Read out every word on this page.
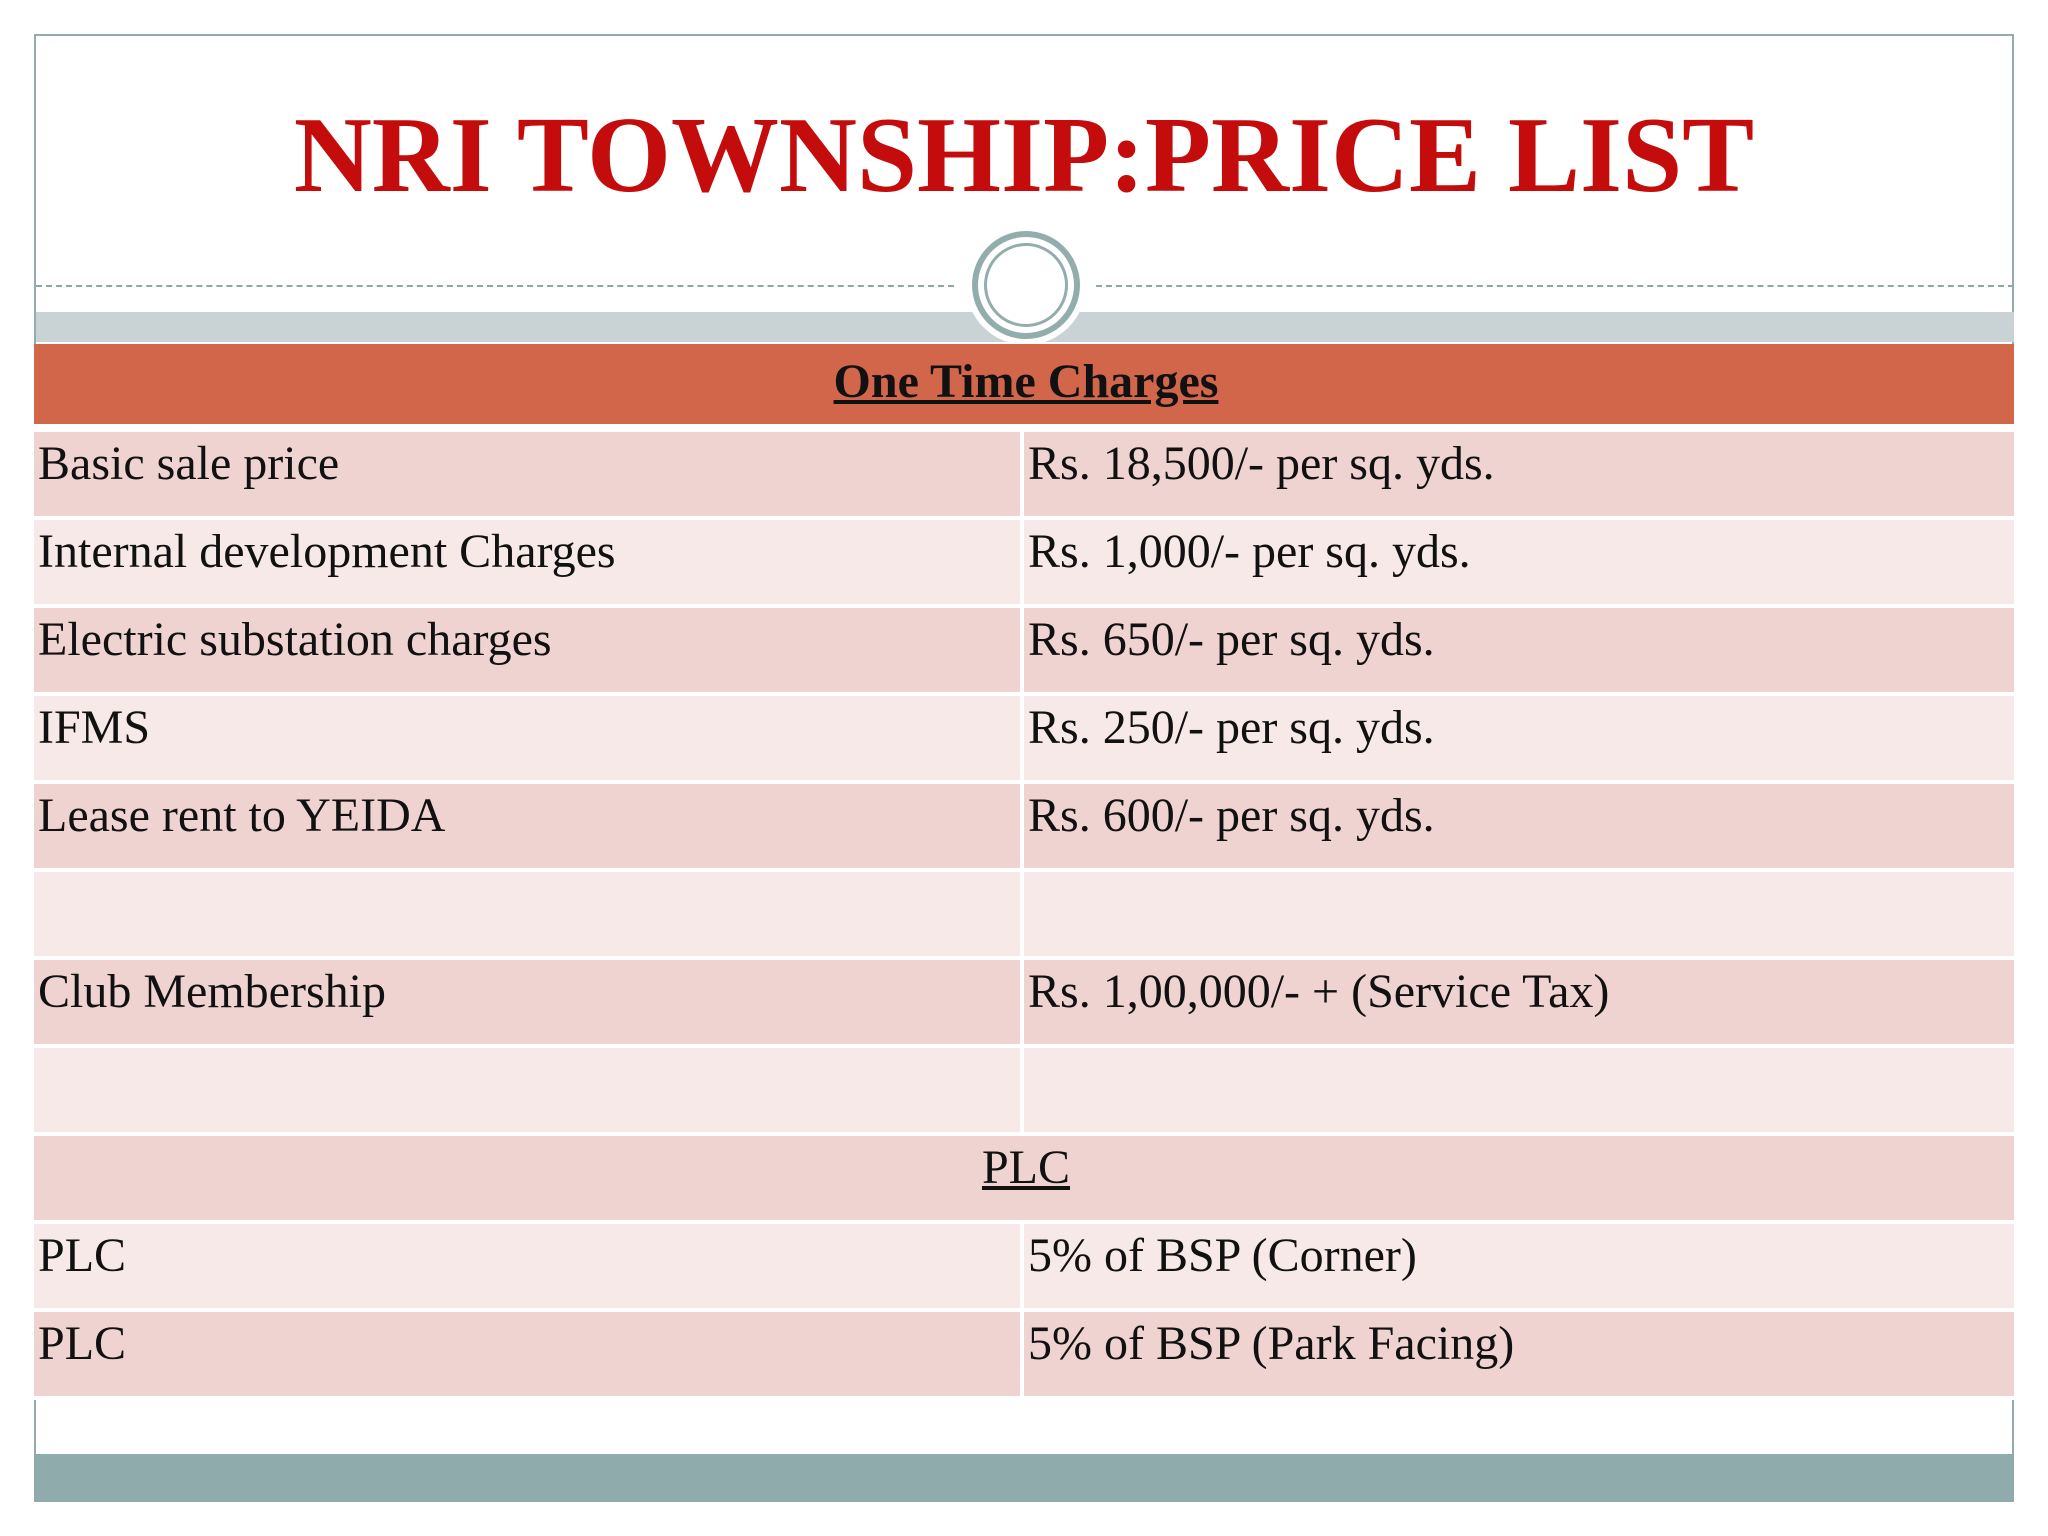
NRI TOWNSHIP:PRICE LIST
One Time Charges	
Basic sale price	Rs. 18,500/- per sq. yds.
Internal development Charges	Rs. 1,000/- per sq. yds.
Electric substation charges	Rs. 650/- per sq. yds.
IFMS	Rs. 250/- per sq. yds.
Lease rent to YEIDA	Rs. 600/- per sq. yds.

Club Membership	Rs. 1,00,000/- + (Service Tax)

PLC	
PLC	5% of BSP (Corner)
PLC	5% of BSP (Park Facing)
